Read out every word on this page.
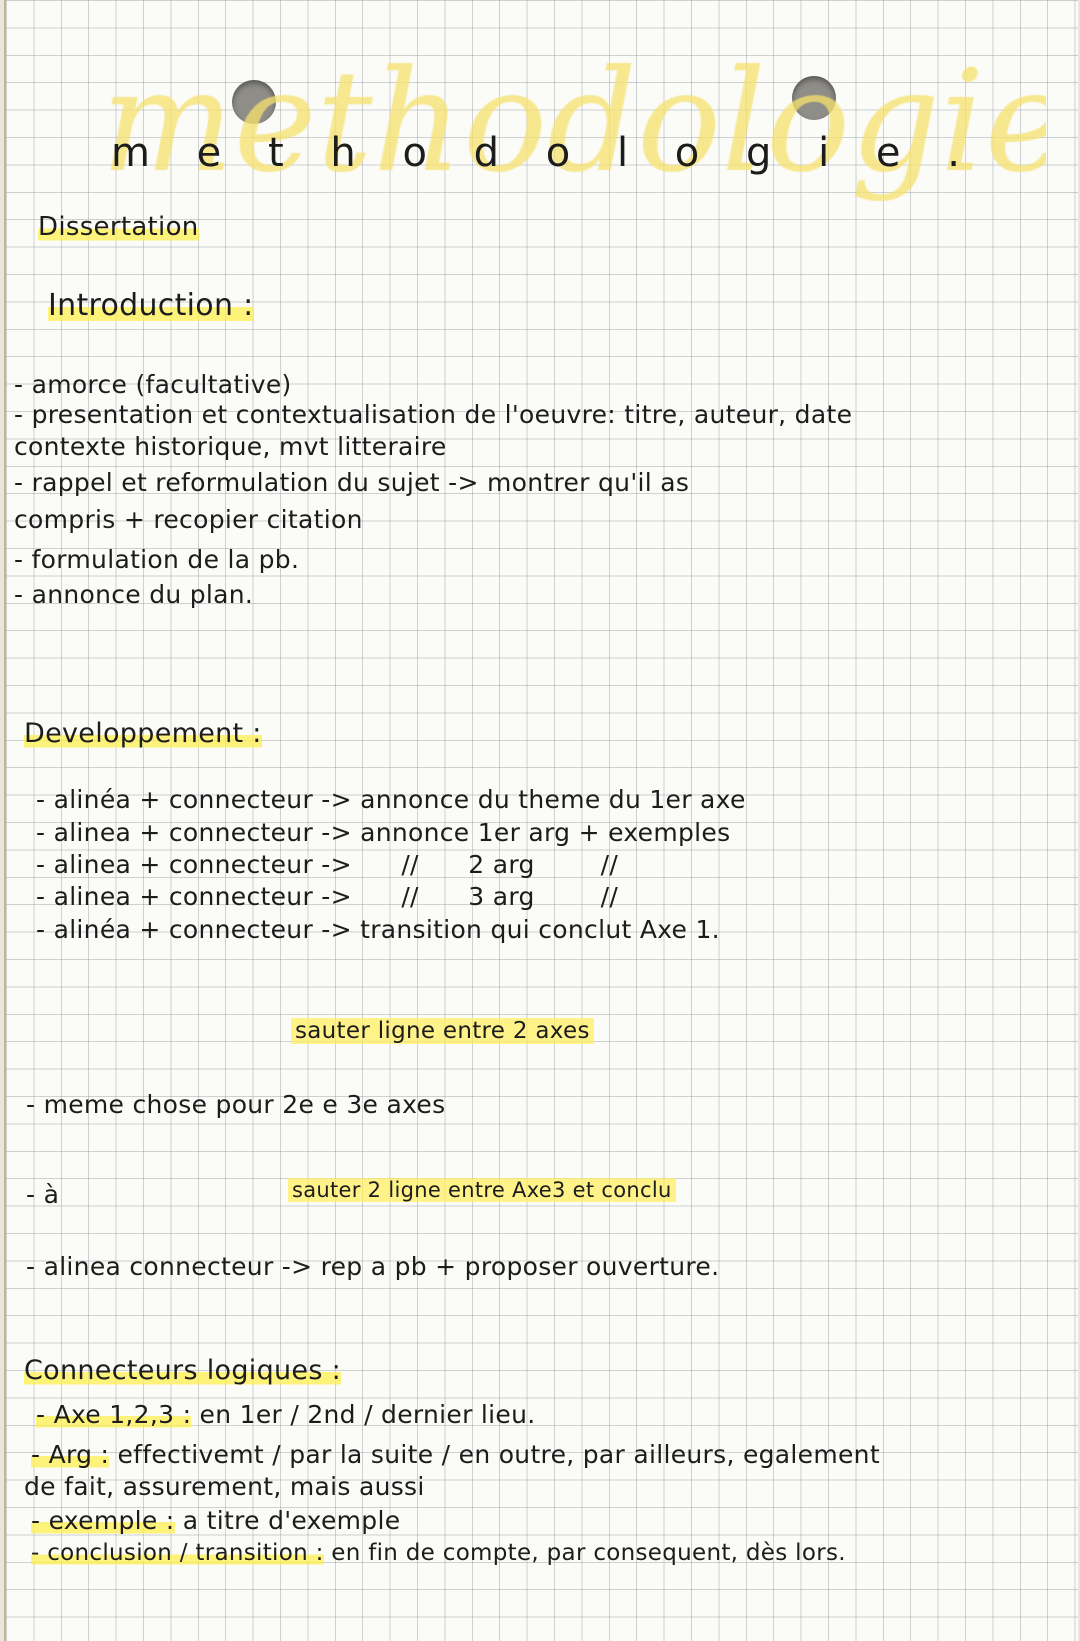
m e t h o d o l o g i e .
Dissertation
Introduction :
- amorce (facultative)
- presentation et contextualisation de l'oeuvre: titre, auteur, date
contexte historique, mvt litteraire
- rappel et reformulation du sujet -> montrer qu'il as
compris + recopier citation
- formulation de la pb.
- annonce du plan.
Developpement :
- alinéa + connecteur -> annonce du theme du 1er axe
- alinea + connecteur -> annonce 1er arg + exemples
- alinea + connecteur ->      //      2 arg        //
- alinea + connecteur ->      //      3 arg        //
- alinéa + connecteur -> transition qui conclut Axe 1.
sauter ligne entre 2 axes
- meme chose pour 2e e 3e axes
- à	sauter 2 ligne entre Axe3 et conclu
- alinea connecteur -> rep a pb + proposer ouverture.
Connecteurs logiques :
- Axe 1,2,3 : en 1er / 2nd / dernier lieu.
- Arg : effectivemt / par la suite / en outre, par ailleurs, egalement
de fait, assurement, mais aussi
- exemple : a titre d'exemple
- conclusion / transition : en fin de compte, par consequent, dès lors.
